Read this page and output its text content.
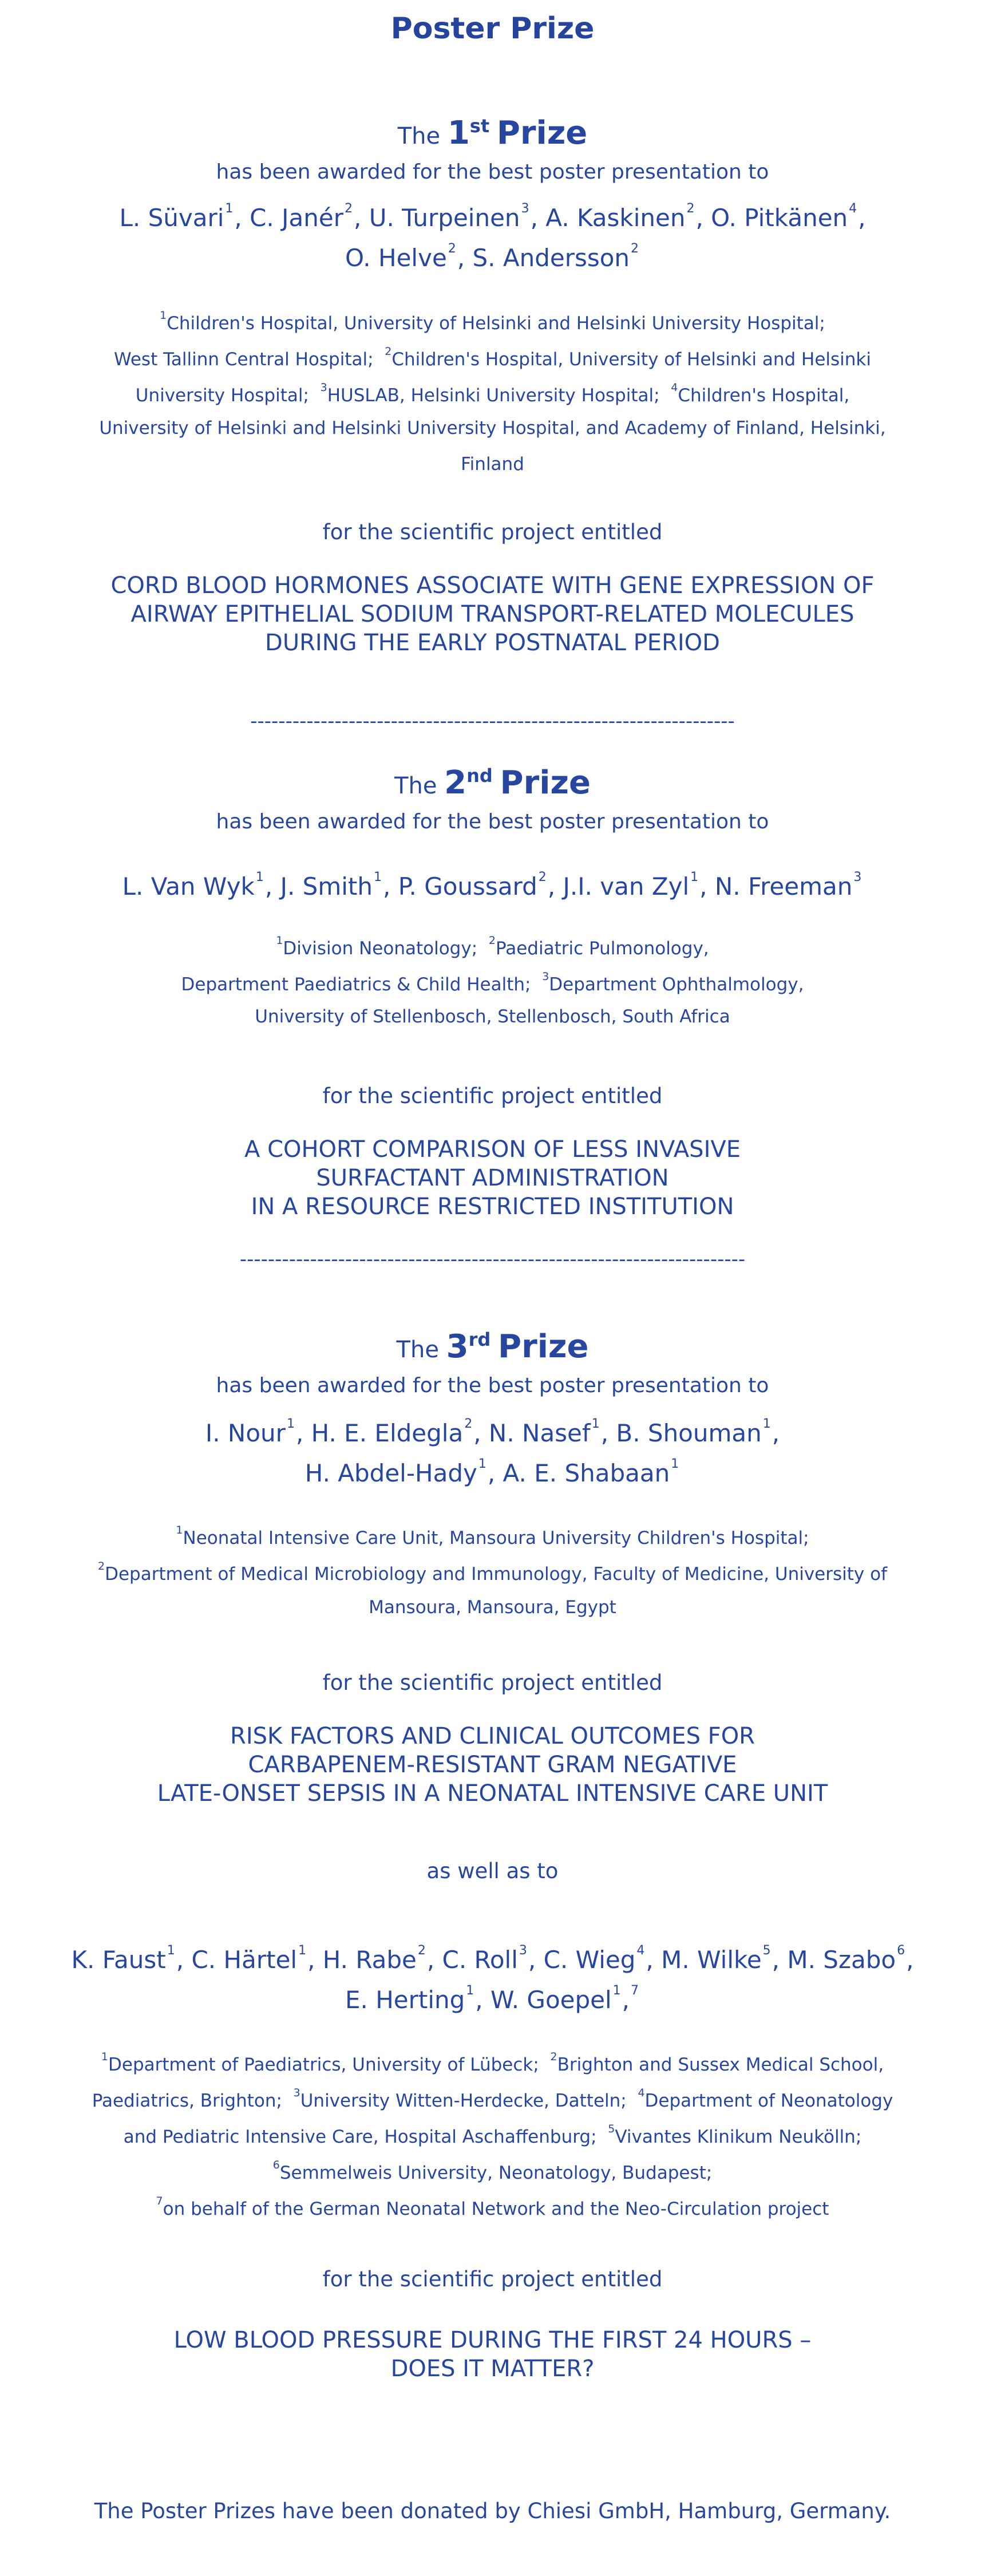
Poster Prize
The 1st Prize
has been awarded for the best poster presentation to
L. Süvari$^1$, C. Janér$^2$, U. Turpeinen$^3$, A. Kaskinen$^2$, O. Pitkänen$^4$,
O. Helve$^2$, S. Andersson$^2$
$^1$Children's Hospital, University of Helsinki and Helsinki University Hospital;
West Tallinn Central Hospital;  $^2$Children's Hospital, University of Helsinki and Helsinki
University Hospital;  $^3$HUSLAB, Helsinki University Hospital;  $^4$Children's Hospital,
University of Helsinki and Helsinki University Hospital, and Academy of Finland, Helsinki,
Finland
for the scientific project entitled
CORD BLOOD HORMONES ASSOCIATE WITH GENE EXPRESSION OF
AIRWAY EPITHELIAL SODIUM TRANSPORT-RELATED MOLECULES
DURING THE EARLY POSTNATAL PERIOD
---------------------------------------------------------------------
The 2nd Prize
has been awarded for the best poster presentation to
L. Van Wyk$^1$, J. Smith$^1$, P. Goussard$^2$, J.I. van Zyl$^1$, N. Freeman$^3$
$^1$Division Neonatology;  $^2$Paediatric Pulmonology,
Department Paediatrics & Child Health;  $^3$Department Ophthalmology,
University of Stellenbosch, Stellenbosch, South Africa
for the scientific project entitled
A COHORT COMPARISON OF LESS INVASIVE
SURFACTANT ADMINISTRATION
IN A RESOURCE RESTRICTED INSTITUTION
------------------------------------------------------------------------
The 3rd Prize
has been awarded for the best poster presentation to
I. Nour$^1$, H. E. Eldegla$^2$, N. Nasef$^1$, B. Shouman$^1$,
H. Abdel-Hady$^1$, A. E. Shabaan$^1$
$^1$Neonatal Intensive Care Unit, Mansoura University Children's Hospital;
$^2$Department of Medical Microbiology and Immunology, Faculty of Medicine, University of
Mansoura, Mansoura, Egypt
for the scientific project entitled
RISK FACTORS AND CLINICAL OUTCOMES FOR
CARBAPENEM-RESISTANT GRAM NEGATIVE
LATE-ONSET SEPSIS IN A NEONATAL INTENSIVE CARE UNIT
as well as to
K. Faust$^1$, C. Härtel$^1$, H. Rabe$^2$, C. Roll$^3$, C. Wieg$^4$, M. Wilke$^5$, M. Szabo$^6$,
E. Herting$^1$, W. Goepel$^1$,$^7$
$^1$Department of Paediatrics, University of Lübeck;  $^2$Brighton and Sussex Medical School,
Paediatrics, Brighton;  $^3$University Witten-Herdecke, Datteln;  $^4$Department of Neonatology
and Pediatric Intensive Care, Hospital Aschaffenburg;  $^5$Vivantes Klinikum Neukölln;
$^6$Semmelweis University, Neonatology, Budapest;
$^7$on behalf of the German Neonatal Network and the Neo-Circulation project
for the scientific project entitled
LOW BLOOD PRESSURE DURING THE FIRST 24 HOURS –
DOES IT MATTER?
The Poster Prizes have been donated by Chiesi GmbH, Hamburg, Germany.
